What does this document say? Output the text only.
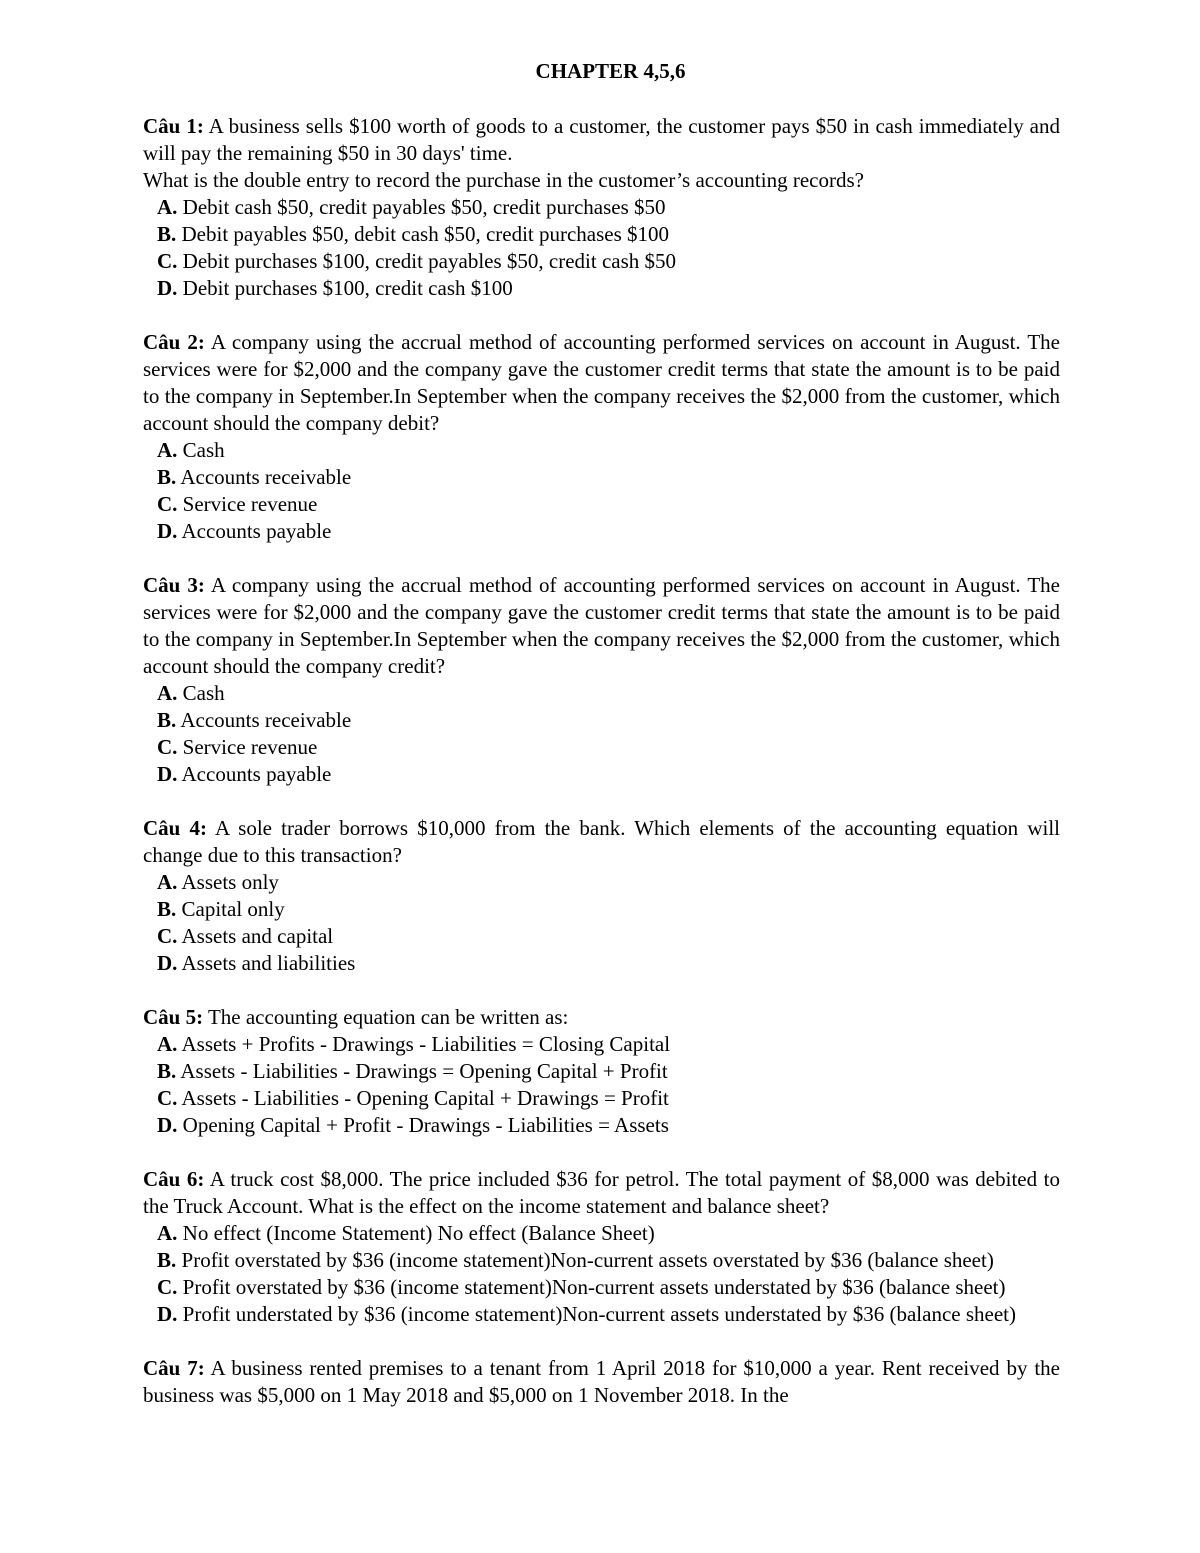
CHAPTER 4,5,6

Câu 1: A business sells $100 worth of goods to a customer, the customer pays $50 in cash immediately and will pay the remaining $50 in 30 days' time.

What is the double entry to record the purchase in the customer’s accounting records?

A. Debit cash $50, credit payables $50, credit purchases $50

B. Debit payables $50, debit cash $50, credit purchases $100

C. Debit purchases $100, credit payables $50, credit cash $50

D. Debit purchases $100, credit cash $100

Câu 2: A company using the accrual method of accounting performed services on account in August. The services were for $2,000 and the company gave the customer credit terms that state the amount is to be paid to the company in September.In September when the company receives the $2,000 from the customer, which account should the company debit?

A. Cash

B. Accounts receivable

C. Service revenue

D. Accounts payable

Câu 3: A company using the accrual method of accounting performed services on account in August. The services were for $2,000 and the company gave the customer credit terms that state the amount is to be paid to the company in September.In September when the company receives the $2,000 from the customer, which account should the company credit?

A. Cash

B. Accounts receivable

C. Service revenue

D. Accounts payable

Câu 4: A sole trader borrows $10,000 from the bank. Which elements of the accounting equation will change due to this transaction?

A. Assets only

B. Capital only

C. Assets and capital

D. Assets and liabilities

Câu 5: The accounting equation can be written as:

A. Assets + Profits - Drawings - Liabilities = Closing Capital

B. Assets - Liabilities - Drawings = Opening Capital + Profit

C. Assets - Liabilities - Opening Capital + Drawings = Profit

D. Opening Capital + Profit - Drawings - Liabilities = Assets

Câu 6: A truck cost $8,000. The price included $36 for petrol. The total payment of $8,000 was debited to the Truck Account. What is the effect on the income statement and balance sheet?

A. No effect (Income Statement) No effect (Balance Sheet)

B. Profit overstated by $36 (income statement)Non-current assets overstated by $36 (balance sheet)

C. Profit overstated by $36 (income statement)Non-current assets understated by $36 (balance sheet)

D. Profit understated by $36 (income statement)Non-current assets understated by $36 (balance sheet)

Câu 7: A business rented premises to a tenant from 1 April 2018 for $10,000 a year. Rent received by the business was $5,000 on 1 May 2018 and $5,000 on 1 November 2018. In the
